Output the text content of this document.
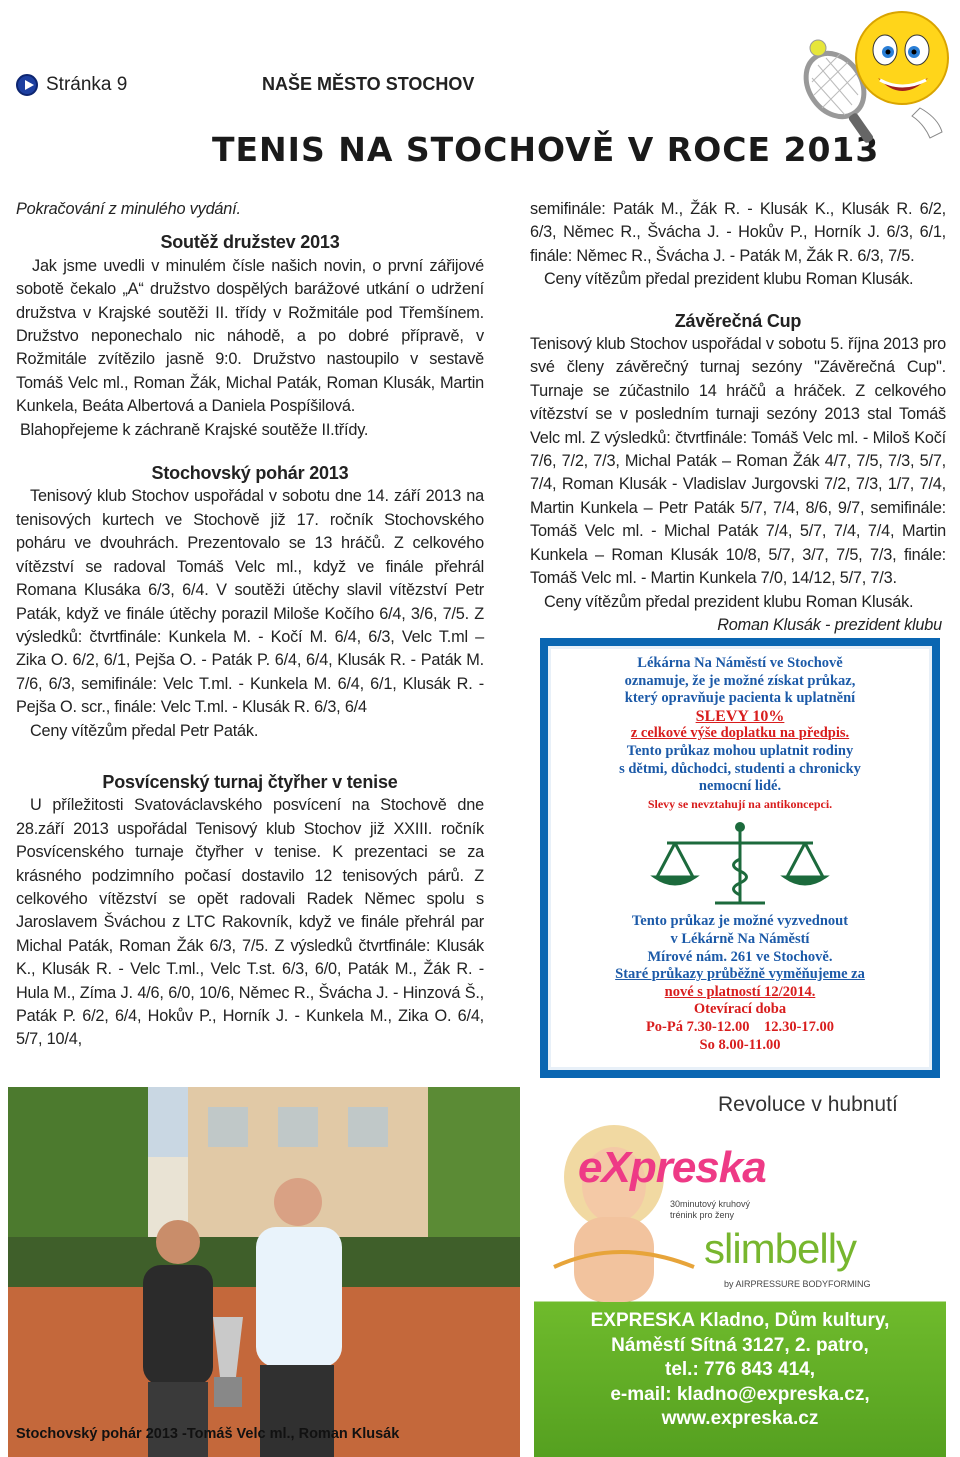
Stránka 9	NAŠE MĚSTO STOCHOV
TENIS NA STOCHOVĚ V ROCE 2013
Pokračování z minulého vydání.
Soutěž družstev 2013
Jak jsme uvedli v minulém čísle našich novin, o první zářijové sobotě čekalo „A“ družstvo dospělých barážové utkání o udržení družstva v Krajské soutěži II. třídy v Rožmitále pod Třemšínem. Družstvo neponechalo nic náhodě, a po dobré přípravě, v Rožmitále zvítězilo jasně 9:0. Družstvo nastoupilo v sestavě Tomáš Velc ml., Roman Žák, Michal Paták, Roman Klusák, Martin Kunkela, Beáta Albertová a Daniela Pospíšilová.
Blahopřejeme k záchraně Krajské soutěže II.třídy.
Stochovský pohár 2013
Tenisový klub Stochov uspořádal v sobotu dne 14. září 2013 na tenisových kurtech ve Stochově již 17. ročník Stochovského poháru ve dvouhrách. Prezentovalo se 13 hráčů. Z celkového vítězství se radoval Tomáš Velc ml., když ve finále přehrál Romana Klusáka 6/3, 6/4. V soutěži útěchy slavil vítězství Petr Paták, když ve finále útěchy porazil Miloše Kočího 6/4, 3/6, 7/5. Z výsledků: čtvrtfinále: Kunkela M. - Kočí M. 6/4, 6/3, Velc T.ml – Zika O. 6/2, 6/1, Pejša O. - Paták P. 6/4, 6/4, Klusák R. - Paták M. 7/6, 6/3, semifinále: Velc T.ml. - Kunkela M. 6/4, 6/1, Klusák R. - Pejša O. scr., finále: Velc T.ml. - Klusák R. 6/3, 6/4
Ceny vítězům předal Petr Paták.
Posvícenský turnaj čtyřher v tenise
U příležitosti Svatováclavského posvícení na Stochově dne 28.září 2013 uspořádal Tenisový klub Stochov již XXIII. ročník Posvícenského turnaje čtyřher v tenise. K prezentaci se za krásného podzimního počasí dostavilo 12 tenisových párů. Z celkového vítězství se opět radovali Radek Němec spolu s Jaroslavem Šváchou z LTC Rakovník, když ve finále přehrál par Michal Paták, Roman Žák 6/3, 7/5. Z výsledků čtvrtfinále: Klusák K., Klusák R. - Velc T.ml., Velc T.st. 6/3, 6/0, Paták M., Žák R. - Hula M., Zíma J. 4/6, 6/0, 10/6, Němec R., Švácha J. - Hinzová Š., Paták P. 6/2, 6/4, Hokův P., Horník J. - Kunkela M., Zika O. 6/4, 5/7, 10/4,
semifinále: Paták M., Žák R. - Klusák K., Klusák R. 6/2, 6/3, Němec R., Švácha J. - Hokův P., Horník J. 6/3, 6/1, finále: Němec R., Švácha J. - Paták M, Žák R. 6/3, 7/5.
Ceny vítězům předal prezident klubu Roman Klusák.
Závěrečná Cup
Tenisový klub Stochov uspořádal v sobotu 5. října 2013 pro své členy závěrečný turnaj sezóny "Závěrečná Cup". Turnaje se zúčastnilo 14 hráčů a hráček. Z celkového vítězství se v posledním turnaji sezóny 2013 stal Tomáš Velc ml. Z výsledků: čtvrtfinále: Tomáš Velc ml. - Miloš Kočí 7/6, 7/2, 7/3, Michal Paták – Roman Žák 4/7, 7/5, 7/3, 5/7, 7/4, Roman Klusák - Vladislav Jurgovski 7/2, 7/3, 1/7, 7/4, Martin Kunkela – Petr Paták 5/7, 7/4, 8/6, 9/7, semifinále: Tomáš Velc ml. - Michal Paták 7/4, 5/7, 7/4, 7/4, Martin Kunkela – Roman Klusák 10/8, 5/7, 3/7, 7/5, 7/3, finále: Tomáš Velc ml. - Martin Kunkela 7/0, 14/12, 5/7, 7/3.
Ceny vítězům předal prezident klubu Roman Klusák.
Roman Klusák - prezident klubu
Lékárna Na Náměstí ve Stochově
oznamuje, že je možné získat průkaz,
který opravňuje pacienta k uplatnění
SLEVY 10%
z celkové výše doplatku na předpis.
Tento průkaz mohou uplatnit rodiny
s dětmi, důchodci, studenti a chronicky
nemocní lidé.
Slevy se nevztahují na antikoncepci.
Tento průkaz je možné vyzvednout
v Lékárně Na Náměstí
Mírové nám. 261 ve Stochově.
Staré průkazy průběžně vyměňujeme za
nové s platností 12/2014.
Otevírací doba
Po-Pá 7.30-12.00    12.30-17.00
So 8.00-11.00
Revoluce v hubnutí
eXpreska
30minutový kruhový
trénink pro ženy
slimbelly
by AIRPRESSURE BODYFORMING
EXPRESKA Kladno, Dům kultury,
Náměstí Sítná 3127, 2. patro,
tel.: 776 843 414,
e-mail: kladno@expreska.cz,
www.expreska.cz
Stochovský pohár 2013 -Tomáš Velc ml., Roman Klusák
